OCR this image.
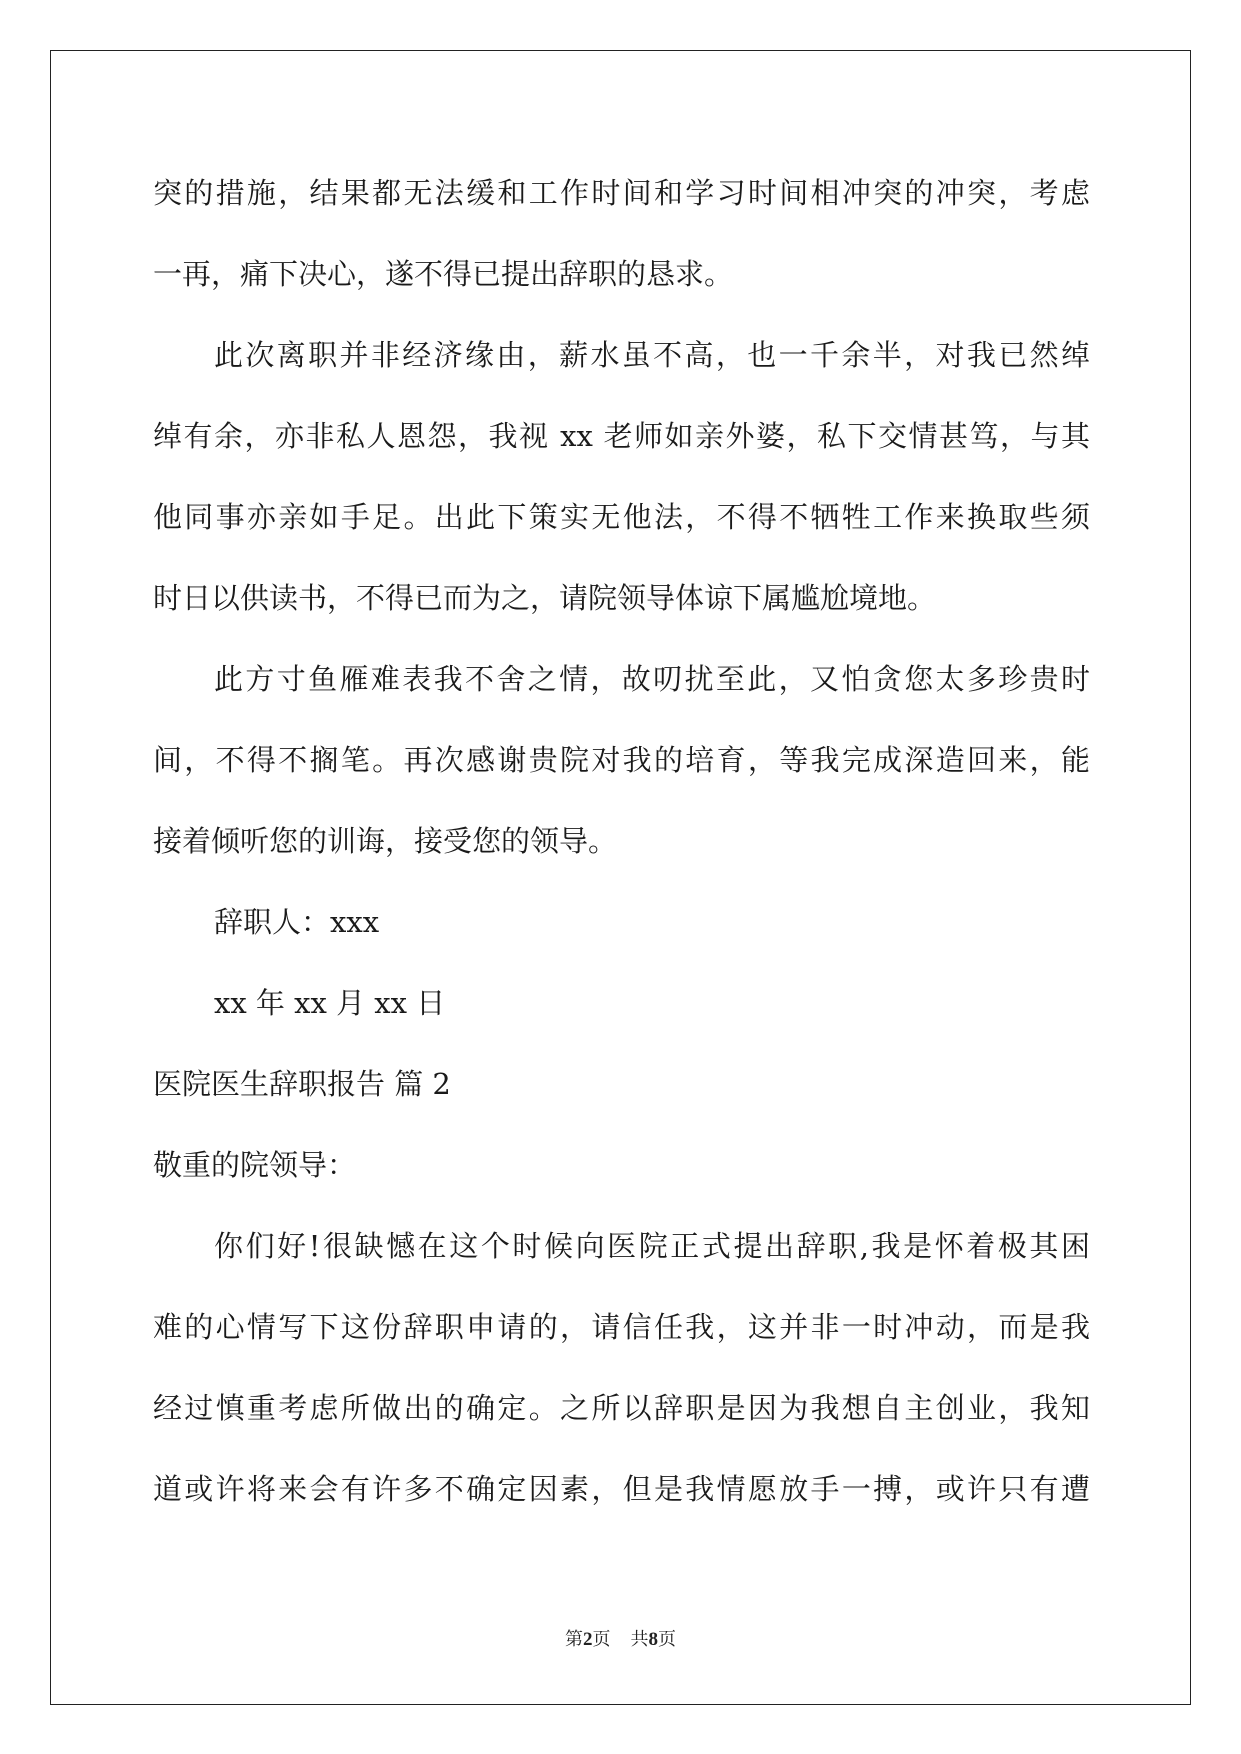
突的措施，结果都无法缓和工作时间和学习时间相冲突的冲突，考虑
一再，痛下决心，遂不得已提出辞职的恳求。
此次离职并非经济缘由，薪水虽不高，也一千余半，对我已然绰
绰有余，亦非私人恩怨，我视 xx 老师如亲外婆，私下交情甚笃，与其
他同事亦亲如手足。出此下策实无他法，不得不牺牲工作来换取些须
时日以供读书，不得已而为之，请院领导体谅下属尴尬境地。
此方寸鱼雁难表我不舍之情，故叨扰至此，又怕贪您太多珍贵时
间，不得不搁笔。再次感谢贵院对我的培育，等我完成深造回来，能
接着倾听您的训诲，接受您的领导。
辞职人：xxx
xx 年 xx 月 xx 日
医院医生辞职报告 篇 2
敬重的院领导：
你们好!很缺憾在这个时候向医院正式提出辞职,我是怀着极其困
难的心情写下这份辞职申请的，请信任我，这并非一时冲动，而是我
经过慎重考虑所做出的确定。之所以辞职是因为我想自主创业，我知
道或许将来会有许多不确定因素，但是我情愿放手一搏，或许只有遭
第2页 共8页
